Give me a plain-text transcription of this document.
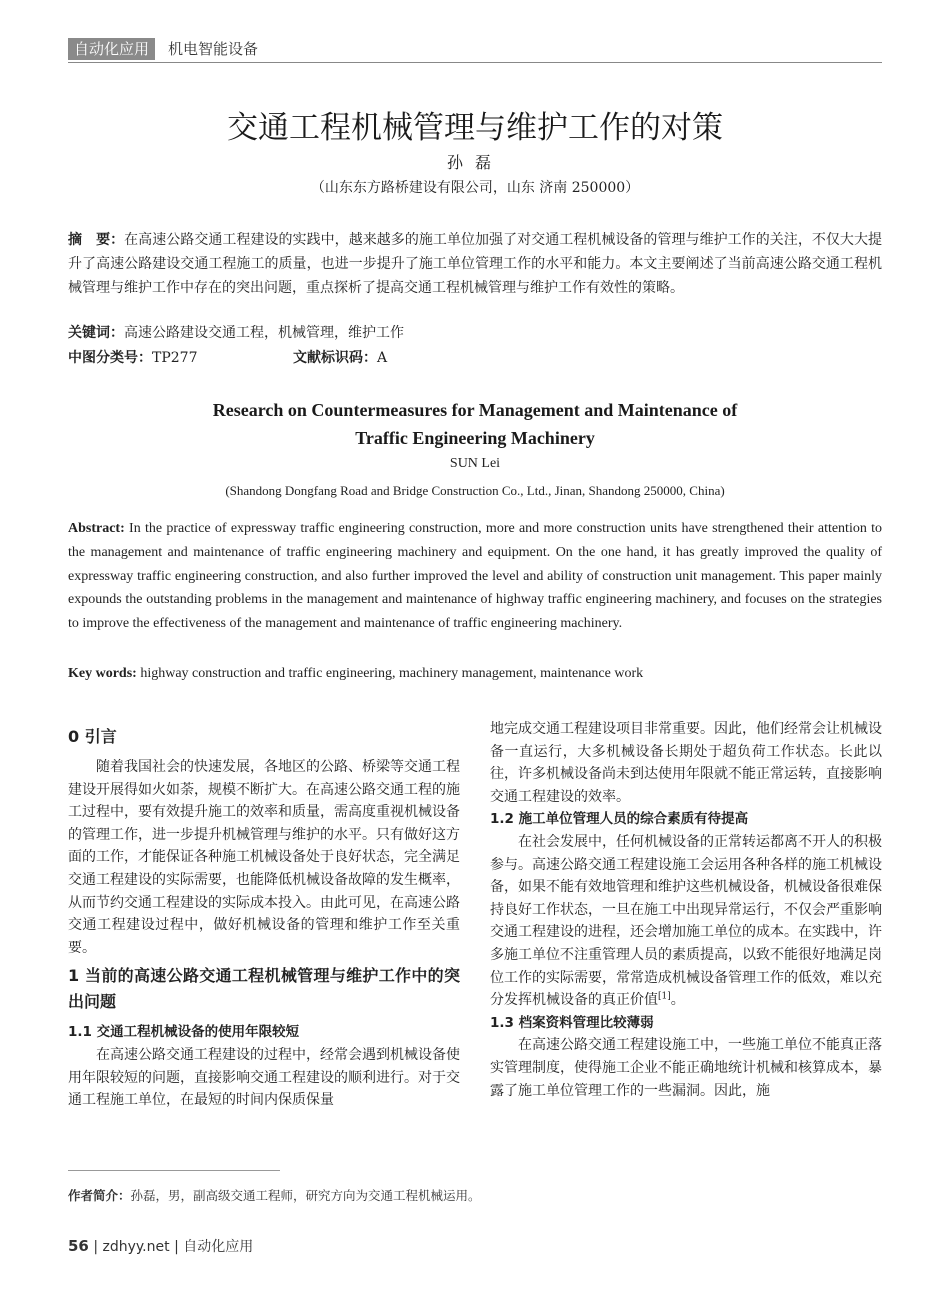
自动化应用	机电智能设备
交通工程机械管理与维护工作的对策
孙磊
（山东东方路桥建设有限公司，山东 济南 250000）
摘　要：在高速公路交通工程建设的实践中，越来越多的施工单位加强了对交通工程机械设备的管理与维护工作的关注，不仅大大提升了高速公路建设交通工程施工的质量，也进一步提升了施工单位管理工作的水平和能力。本文主要阐述了当前高速公路交通工程机械管理与维护工作中存在的突出问题，重点探析了提高交通工程机械管理与维护工作有效性的策略。
关键词：高速公路建设交通工程，机械管理，维护工作
中图分类号：TP277	文献标识码：A
Research on Countermeasures for Management and Maintenance of
Traffic Engineering Machinery
SUN Lei
(Shandong Dongfang Road and Bridge Construction Co., Ltd., Jinan, Shandong 250000, China)
Abstract: In the practice of expressway traffic engineering construction, more and more construction units have strengthened their attention to the management and maintenance of traffic engineering machinery and equipment. On the one hand, it has greatly improved the quality of expressway traffic engineering construction, and also further improved the level and ability of construction unit management. This paper mainly expounds the outstanding problems in the management and maintenance of highway traffic engineering machinery, and focuses on the strategies to improve the effectiveness of the management and maintenance of traffic engineering machinery.
Key words: highway construction and traffic engineering, machinery management, maintenance work
0 引言

随着我国社会的快速发展，各地区的公路、桥梁等交通工程建设开展得如火如荼，规模不断扩大。在高速公路交通工程的施工过程中，要有效提升施工的效率和质量，需高度重视机械设备的管理工作，进一步提升机械管理与维护的水平。只有做好这方面的工作，才能保证各种施工机械设备处于良好状态，完全满足交通工程建设的实际需要，也能降低机械设备故障的发生概率，从而节约交通工程建设的实际成本投入。由此可见，在高速公路交通工程建设过程中，做好机械设备的管理和维护工作至关重要。

1 当前的高速公路交通工程机械管理与维护工作中的突出问题
1.1 交通工程机械设备的使用年限较短

在高速公路交通工程建设的过程中，经常会遇到机械设备使用年限较短的问题，直接影响交通工程建设的顺利进行。对于交通工程施工单位，在最短的时间内保质保量

地完成交通工程建设项目非常重要。因此，他们经常会让机械设备一直运行，大多机械设备长期处于超负荷工作状态。长此以往，许多机械设备尚未到达使用年限就不能正常运转，直接影响交通工程建设的效率。

1.2 施工单位管理人员的综合素质有待提高

在社会发展中，任何机械设备的正常转运都离不开人的积极参与。高速公路交通工程建设施工会运用各种各样的施工机械设备，如果不能有效地管理和维护这些机械设备，机械设备很难保持良好工作状态，一旦在施工中出现异常运行，不仅会严重影响交通工程建设的进程，还会增加施工单位的成本。在实践中，许多施工单位不注重管理人员的素质提高，以致不能很好地满足岗位工作的实际需要，常常造成机械设备管理工作的低效，难以充分发挥机械设备的真正价值[1]。

1.3 档案资料管理比较薄弱

在高速公路交通工程建设施工中，一些施工单位不能真正落实管理制度，使得施工企业不能正确地统计机械和核算成本，暴露了施工单位管理工作的一些漏洞。因此，施

作者简介：孙磊，男，副高级交通工程师，研究方向为交通工程机械运用。
56 | zdhyy.net | 自动化应用
